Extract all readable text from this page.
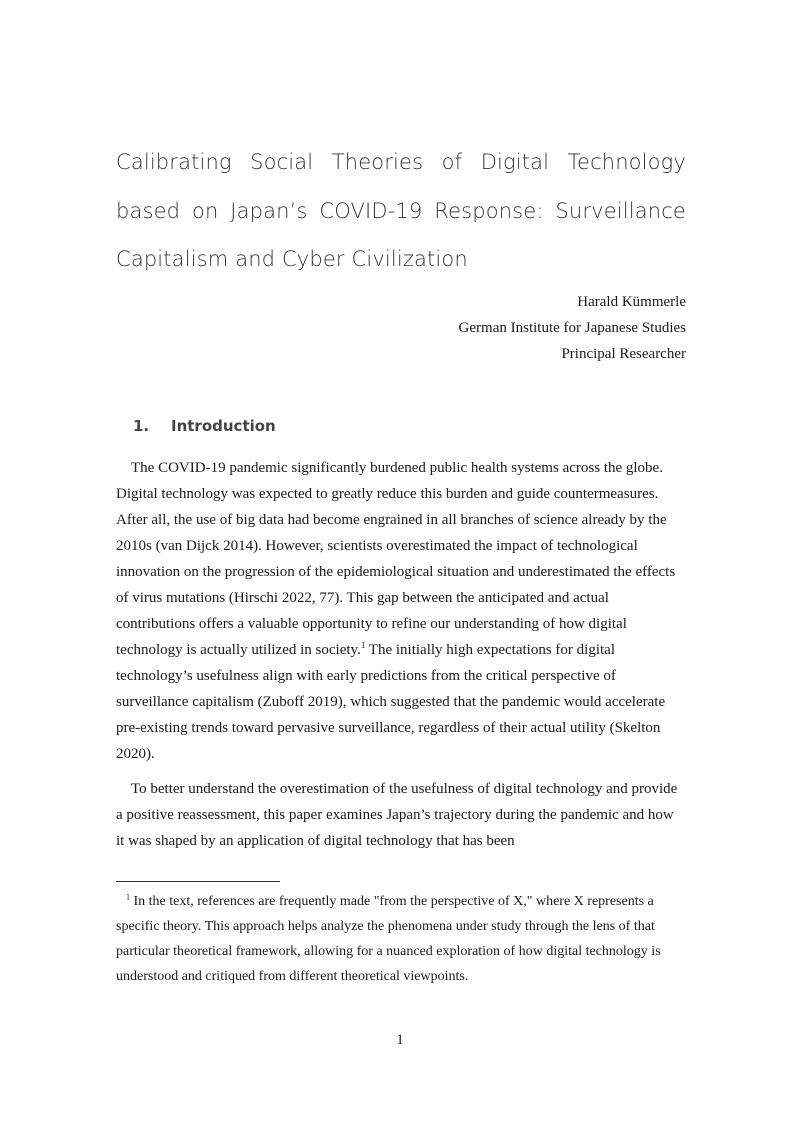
Calibrating Social Theories of Digital Technology based on Japan’s COVID-19 Response: Surveillance Capitalism and Cyber Civilization
Harald Kümmerle
German Institute for Japanese Studies
Principal Researcher
1. Introduction

The COVID-19 pandemic significantly burdened public health systems across the globe. Digital technology was expected to greatly reduce this burden and guide countermeasures. After all, the use of big data had become engrained in all branches of science already by the 2010s (van Dijck 2014). However, scientists overestimated the impact of technological innovation on the progression of the epidemiological situation and underestimated the effects of virus mutations (Hirschi 2022, 77). This gap between the anticipated and actual contributions offers a valuable opportunity to refine our understanding of how digital technology is actually utilized in society.$^1$ The initially high expectations for digital technology’s usefulness align with early predictions from the critical perspective of surveillance capitalism (Zuboff 2019), which suggested that the pandemic would accelerate pre-existing trends toward pervasive surveillance, regardless of their actual utility (Skelton 2020).

To better understand the overestimation of the usefulness of digital technology and provide a positive reassessment, this paper examines Japan’s trajectory during the pandemic and how it was shaped by an application of digital technology that has been

$^1$ In the text, references are frequently made "from the perspective of X," where X represents a specific theory. This approach helps analyze the phenomena under study through the lens of that particular theoretical framework, allowing for a nuanced exploration of how digital technology is understood and critiqued from different theoretical viewpoints.

1
